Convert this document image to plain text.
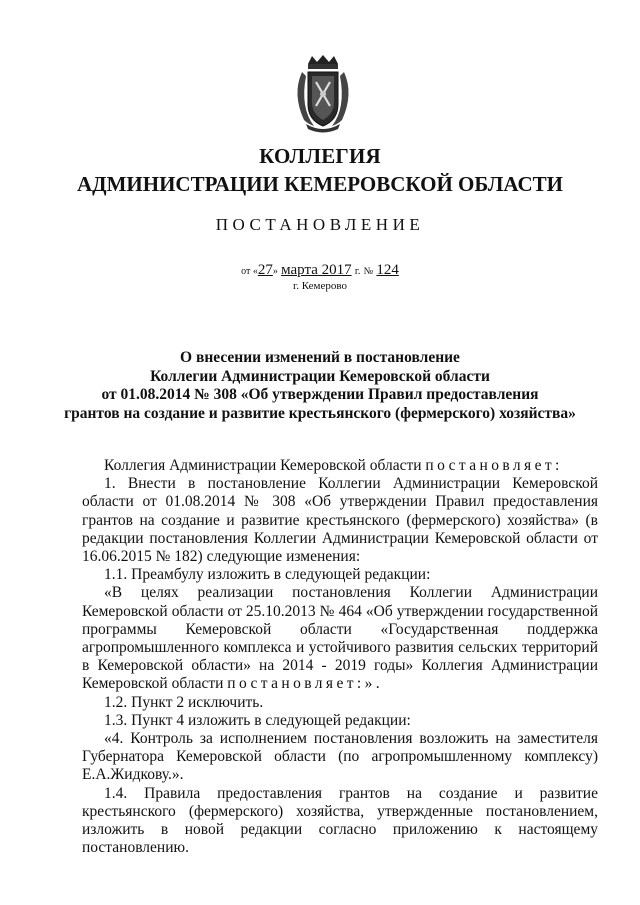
КОЛЛЕГИЯ
АДМИНИСТРАЦИИ КЕМЕРОВСКОЙ ОБЛАСТИ
ПОСТАНОВЛЕНИЕ
от «27» марта 2017 г. № 124
г. Кемерово
О внесении изменений в постановление
Коллегии Администрации Кемеровской области
от 01.08.2014 № 308 «Об утверждении Правил предоставления
грантов на создание и развитие крестьянского (фермерского) хозяйства»

Коллегия Администрации Кемеровской области постановляет:

1. Внести в постановление Коллегии Администрации Кемеровской области от 01.08.2014 № 308 «Об утверждении Правил предоставления грантов на создание и развитие крестьянского (фермерского) хозяйства» (в редакции постановления Коллегии Администрации Кемеровской области от 16.06.2015 № 182) следующие изменения:

1.1. Преамбулу изложить в следующей редакции:

«В целях реализации постановления Коллегии Администрации Кемеровской области от 25.10.2013 № 464 «Об утверждении государственной программы Кемеровской области «Государственная поддержка агропромышленного комплекса и устойчивого развития сельских территорий в Кемеровской области» на 2014 - 2019 годы» Коллегия Администрации Кемеровской области постановляет:».

1.2. Пункт 2 исключить.

1.3. Пункт 4 изложить в следующей редакции:

«4. Контроль за исполнением постановления возложить на заместителя Губернатора Кемеровской области (по агропромышленному комплексу) Е.А.Жидкову.».

1.4. Правила предоставления грантов на создание и развитие крестьянского (фермерского) хозяйства, утвержденные постановлением, изложить в новой редакции согласно приложению к настоящему постановлению.
